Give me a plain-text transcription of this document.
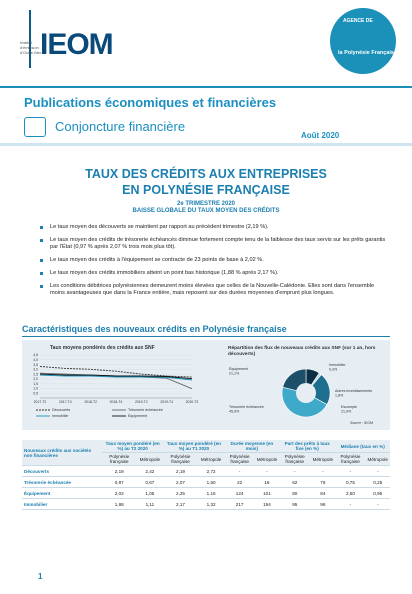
Institut d'émission d'Outre-Mer
IEOM
AGENCE DE
la Polynésie Française
Publications économiques et financières
Conjoncture financière
Août 2020
TAUX DES CRÉDITS AUX ENTREPRISES
EN POLYNÉSIE FRANÇAISE
2e TRIMESTRE 2020
BAISSE GLOBALE DU TAUX MOYEN DES CRÉDITS
Le taux moyen des découverts se maintient par rapport au précédent trimestre (2,19 %).
Le taux moyen des crédits de trésorerie échéancés diminue fortement compte tenu de la faiblesse des taux servis sur les prêts garantis par l'État (0,97 % après 2,07 % trois mois plus tôt).
Le taux moyen des crédits à l'équipement se contracte de 23 points de base à 2,02 %.
Le taux moyen des crédits immobiliers atteint un point bas historique (1,88 % après 2,17 %).
Les conditions débitrices polynésiennes demeurent moins élevées que celles de la Nouvelle-Calédonie. Elles sont dans l'ensemble moins avantageuses que dans la France entière, mais reposent sur des durées moyennes d'emprunt plus longues.
Caractéristiques des nouveaux crédits en Polynésie française
Taux moyens pondérés des crédits aux SNF
0,5
1,0
1,5
2,0
2,5
3,0
3,5
4,0
4,5
2017-T2	2017-T4	2018-T2	2018-T4	2019-T2	2019-T4	2020-T2
Découverts	Trésorerie échéancée
Immobilier	Équipement
Répartition des flux de nouveaux crédits aux SNF (sur 1 an, hors découverts)
Immobilier
9,3%
Autres investissements
1,8%
Escompte
21,9%
Trésorerie échéancée
45,9%
Équipement
21,1%
Source : IEOM
Nouveaux crédits aux sociétés non financières	Taux moyen pondéré (en %) au T2 2020		Taux moyen pondéré (en %) au T1 2020		Durée moyenne (en mois)		Part des prêts à taux fixe (en %)		Médiane (taux en %)	
	Polynésie française	Métropole	Polynésie française	Métropole	Polynésie française	Métropole	Polynésie française	Métropole	Polynésie française	Métropole
Découverts	2,19	2,42	2,19	2,72	-	-	-	-	-	-
Trésorerie échéancée	0,97	0,67	2,07	1,50	22	16	62	76	0,75	0,25
Équipement	2,02	1,05	2,25	1,15	124	101	80	84	2,50	0,95
Immobilier	1,88	1,11	2,17	1,32	217	194	95	96	-	-
1
